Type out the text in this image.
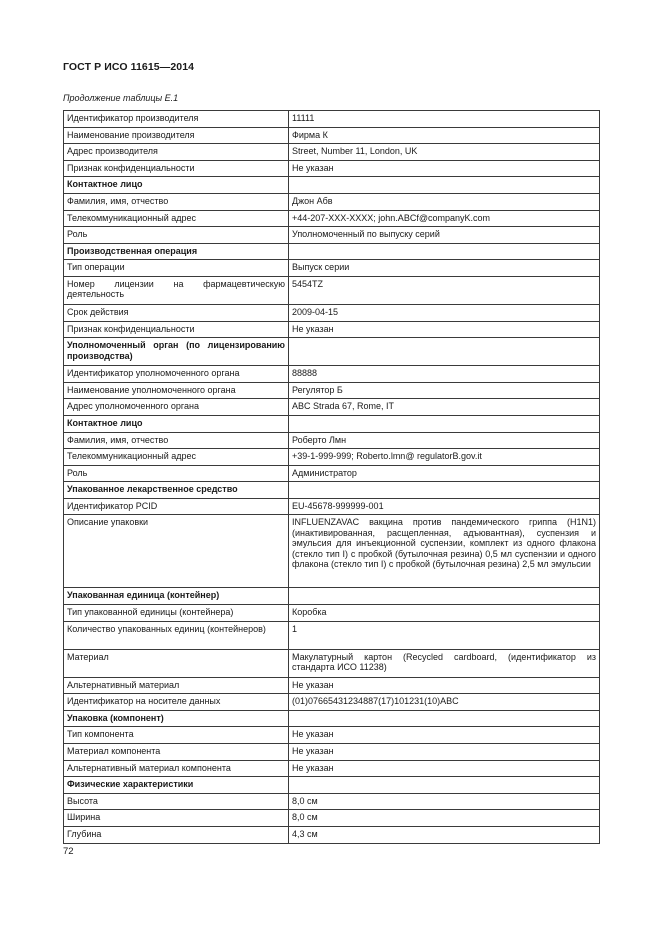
ГОСТ Р ИСО 11615—2014
Продолжение таблицы Е.1
Идентификатор производителя	11111
Наименование производителя	Фирма К
Адрес производителя	Street, Number 11, London, UK
Признак конфиденциальности	Не указан
Контактное лицо	
Фамилия, имя, отчество	Джон Абв
Телекоммуникационный адрес	+44-207-XXX-XXXX; john.ABCf@companyK.com
Роль	Уполномоченный по выпуску серий
Производственная операция	
Тип операции	Выпуск серии
Номер лицензии на фармацевтическую деятельность	5454TZ
Срок действия	2009-04-15
Признак конфиденциальности	Не указан
Уполномоченный орган (по лицензированию производства)	
Идентификатор уполномоченного органа	88888
Наименование уполномоченного органа	Регулятор Б
Адрес уполномоченного органа	ABC Strada 67, Rome, IT
Контактное лицо	
Фамилия, имя, отчество	Роберто Лмн
Телекоммуникационный адрес	+39-1-999-999; Roberto.lmn@ regulatorB.gov.it
Роль	Администратор
Упакованное лекарственное средство	
Идентификатор PCID	EU-45678-999999-001
Описание упаковки	INFLUENZAVAC вакцина против пандемического гриппа (H1N1) (инактивированная, расщепленная, адъювантная), суспензия и эмульсия для инъекционной суспензии, комплект из одного флакона (стекло тип I) с пробкой (бутылочная резина) 0,5 мл суспензии и одного флакона (стекло тип I) с пробкой (бутылочная резина) 2,5 мл эмульсии
Упакованная единица (контейнер)	
Тип упакованной единицы (контейнера)	Коробка
Количество упакованных единиц (контейнеров)	1
Материал	Макулатурный картон (Recycled cardboard, (идентификатор из стандарта ИСО 11238)
Альтернативный материал	Не указан
Идентификатор на носителе данных	(01)07665431234887(17)101231(10)ABC
Упаковка (компонент)	
Тип компонента	Не указан
Материал компонента	Не указан
Альтернативный материал компонента	Не указан
Физические характеристики	
Высота	8,0 см
Ширина	8,0 см
Глубина	4,3 см
72
